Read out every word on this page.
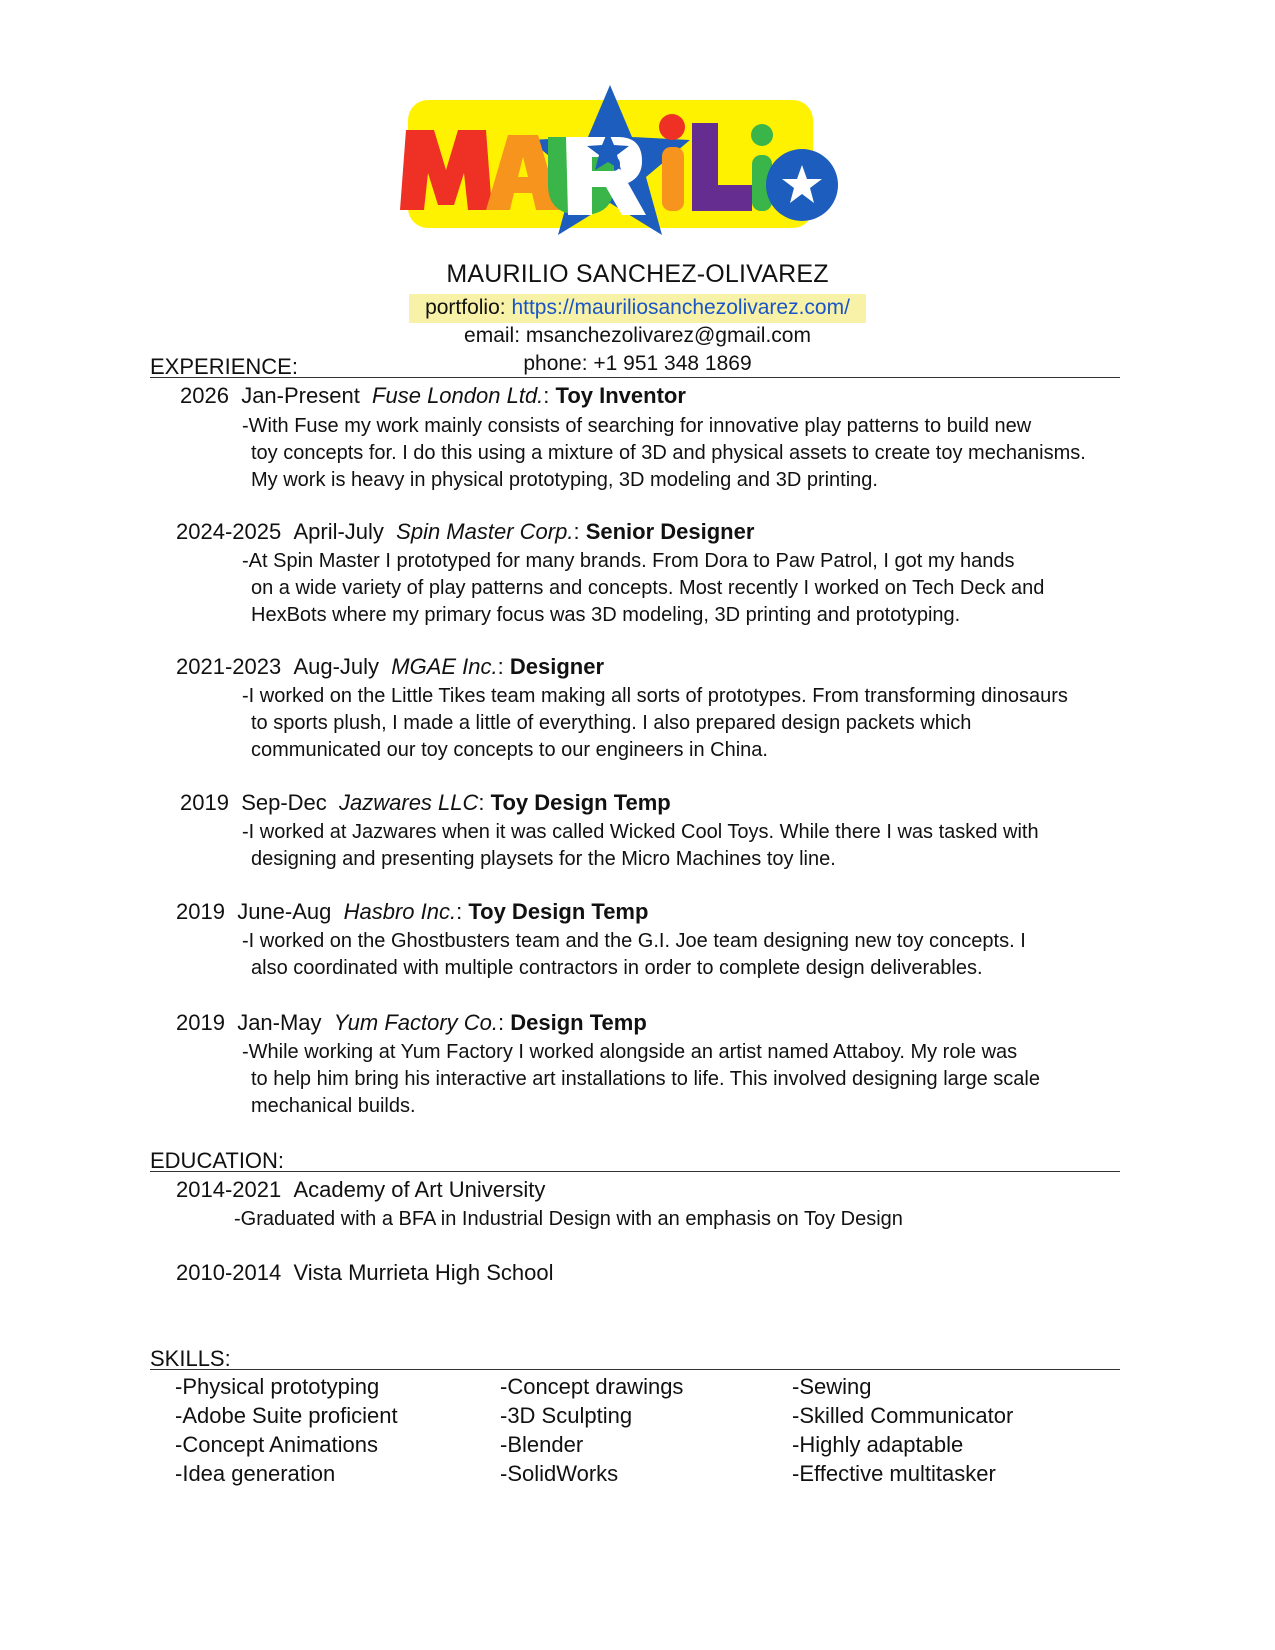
MAURILIO SANCHEZ-OLIVAREZ
portfolio: https://mauriliosanchezolivarez.com/
email: msanchezolivarez@gmail.com
phone: +1 951 348 1869
EXPERIENCE:
2026 Jan-Present Fuse London Ltd.: Toy Inventor
-With Fuse my work mainly consists of searching for innovative play patterns to build new
toy concepts for. I do this using a mixture of 3D and physical assets to create toy mechanisms.
My work is heavy in physical prototyping, 3D modeling and 3D printing.
2024-2025 April-July Spin Master Corp.: Senior Designer
-At Spin Master I prototyped for many brands. From Dora to Paw Patrol, I got my hands
on a wide variety of play patterns and concepts. Most recently I worked on Tech Deck and
HexBots where my primary focus was 3D modeling, 3D printing and prototyping.
2021-2023 Aug-July MGAE Inc.: Designer
-I worked on the Little Tikes team making all sorts of prototypes. From transforming dinosaurs
to sports plush, I made a little of everything. I also prepared design packets which
communicated our toy concepts to our engineers in China.
2019 Sep-Dec Jazwares LLC: Toy Design Temp
-I worked at Jazwares when it was called Wicked Cool Toys. While there I was tasked with
designing and presenting playsets for the Micro Machines toy line.
2019 June-Aug Hasbro Inc.: Toy Design Temp
-I worked on the Ghostbusters team and the G.I. Joe team designing new toy concepts. I
also coordinated with multiple contractors in order to complete design deliverables.
2019 Jan-May Yum Factory Co.: Design Temp
-While working at Yum Factory I worked alongside an artist named Attaboy. My role was
to help him bring his interactive art installations to life. This involved designing large scale
mechanical builds.
EDUCATION:
2014-2021 Academy of Art University
-Graduated with a BFA in Industrial Design with an emphasis on Toy Design
2010-2014 Vista Murrieta High School
SKILLS:
-Physical prototyping
-Adobe Suite proficient
-Concept Animations
-Idea generation
-Concept drawings
-3D Sculpting
-Blender
-SolidWorks
-Sewing
-Skilled Communicator
-Highly adaptable
-Effective multitasker
